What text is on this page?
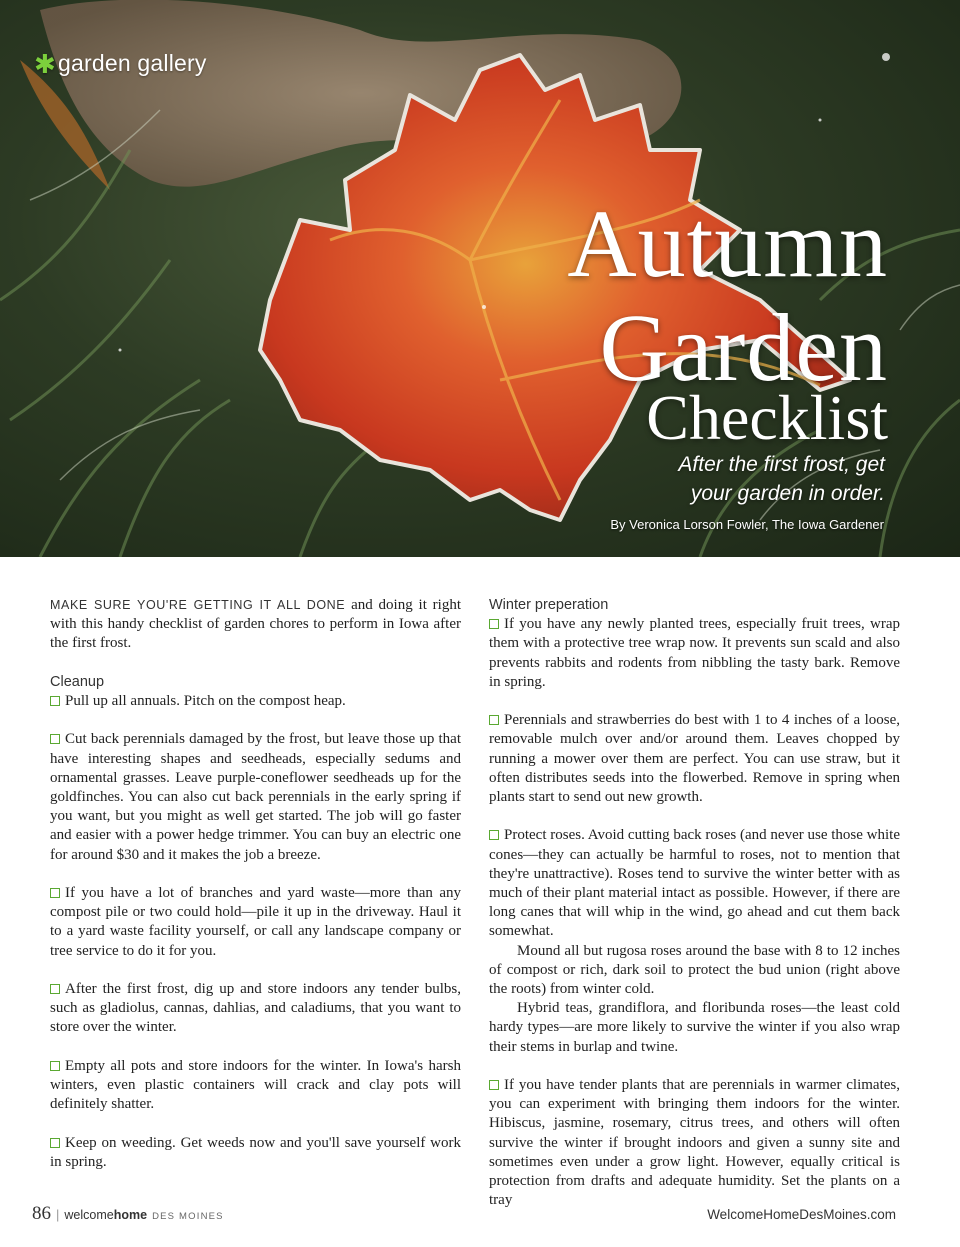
✱ garden gallery
Autumn
Garden
Checklist
After the first frost, get
your garden in order.
By Veronica Lorson Fowler, The Iowa Gardener

MAKE SURE YOU'RE GETTING IT ALL DONE and doing it right with this handy checklist of garden chores to perform in Iowa after the first frost.

Cleanup

Pull up all annuals. Pitch on the compost heap.

Cut back perennials damaged by the frost, but leave those up that have interesting shapes and seedheads, especially sedums and ornamental grasses. Leave purple-coneflower seedheads up for the goldfinches. You can also cut back perennials in the early spring if you want, but you might as well get started. The job will go faster and easier with a power hedge trimmer. You can buy an electric one for around $30 and it makes the job a breeze.

If you have a lot of branches and yard waste—more than any compost pile or two could hold—pile it up in the driveway. Haul it to a yard waste facility yourself, or call any landscape company or tree service to do it for you.

After the first frost, dig up and store indoors any tender bulbs, such as gladiolus, cannas, dahlias, and caladiums, that you want to store over the winter.

Empty all pots and store indoors for the winter. In Iowa's harsh winters, even plastic containers will crack and clay pots will definitely shatter.

Keep on weeding. Get weeds now and you'll save yourself work in spring.

Winter preperation

If you have any newly planted trees, especially fruit trees, wrap them with a protective tree wrap now. It prevents sun scald and also prevents rabbits and rodents from nibbling the tasty bark. Remove in spring.

Perennials and strawberries do best with 1 to 4 inches of a loose, removable mulch over and/or around them. Leaves chopped by running a mower over them are perfect. You can use straw, but it often distributes seeds into the flowerbed. Remove in spring when plants start to send out new growth.

Protect roses. Avoid cutting back roses (and never use those white cones—they can actually be harmful to roses, not to mention that they're unattractive). Roses tend to survive the winter better with as much of their plant material intact as possible. However, if there are long canes that will whip in the wind, go ahead and cut them back somewhat.

Mound all but rugosa roses around the base with 8 to 12 inches of compost or rich, dark soil to protect the bud union (right above the roots) from winter cold.

Hybrid teas, grandiflora, and floribunda roses—the least cold hardy types—are more likely to survive the winter if you also wrap their stems in burlap and twine.

If you have tender plants that are perennials in warmer climates, you can experiment with bringing them indoors for the winter. Hibiscus, jasmine, rosemary, citrus trees, and others will often survive the winter if brought indoors and given a sunny site and sometimes even under a grow light. However, equally critical is protection from drafts and adequate humidity. Set the plants on a tray

86 | welcomehome DES MOINES	WelcomeHomeDesMoines.com
